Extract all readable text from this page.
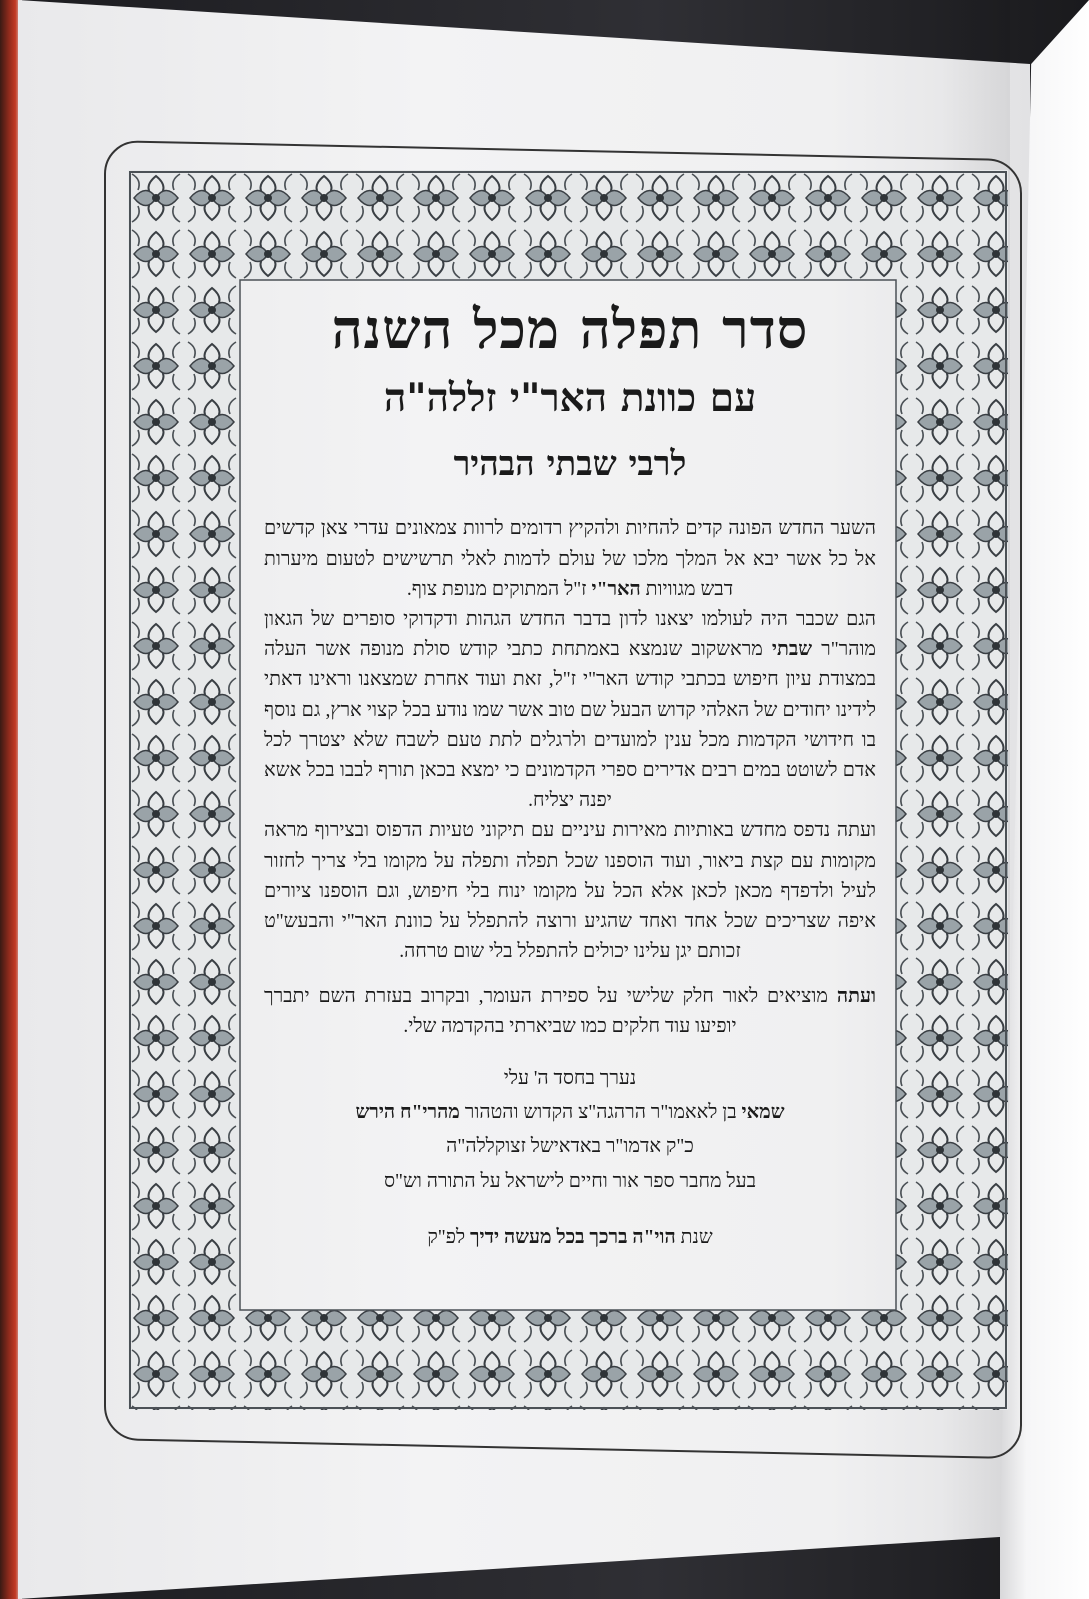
סדר תפלה מכל השנה
עם כוונת האר"י זללה"ה
לרבי שבתי הבהיר
השער החדש הפונה קדים להחיות ולהקיץ רדומים לרוות צמאונים עדרי צאן קדשים אל כל אשר יבא אל המלך מלכו של עולם לדמות לאלי תרשישים לטעום מיערות דבש מגוויות האר"י ז"ל המתוקים מנופת צוף.
הגם שכבר היה לעולמו יצאנו לדון בדבר החדש הגהות ודקדוקי סופרים של הגאון מוהר"ר שבתי מראשקוב שנמצא באמתחת כתבי קודש סולת מנופה אשר העלה במצודת עיון חיפוש בכתבי קודש האר"י ז"ל, זאת ועוד אחרת שמצאנו וראינו דאתי לידינו יחודים של האלהי קדוש הבעל שם טוב אשר שמו נודע בכל קצוי ארץ, גם נוסף בו חידושי הקדמות מכל ענין למועדים ולרגלים לתת טעם לשבח שלא יצטרך לכל אדם לשוטט במים רבים אדירים ספרי הקדמונים כי ימצא בכאן תורף לבבו בכל אשא יפנה יצליח.
ועתה נדפס מחדש באותיות מאירות עיניים עם תיקוני טעיות הדפוס ובצירוף מראה מקומות עם קצת ביאור, ועוד הוספנו שכל תפלה ותפלה על מקומו בלי צריך לחזור לעיל ולדפדף מכאן לכאן אלא הכל על מקומו ינוח בלי חיפוש, וגם הוספנו ציורים איפה שצריכים שכל אחד ואחד שהגיע ורוצה להתפלל על כוונת האר"י והבעש"ט זכותם יגן עלינו יכולים להתפלל בלי שום טרחה.
ועתה מוציאים לאור חלק שלישי על ספירת העומר, ובקרוב בעזרת השם יתברך יופיעו עוד חלקים כמו שביארתי בהקדמה שלי.
נערך בחסד ה' עלי
שמאי בן לאאמו"ר הרהגה"צ הקדוש והטהור מהרי"ח הירש
כ"ק אדמו"ר באדאישל זצוקללה"ה
בעל מחבר ספר אור וחיים לישראל על התורה וש"ס
שנת הוי"ה ברכך בכל מעשה ידיך לפ"ק
